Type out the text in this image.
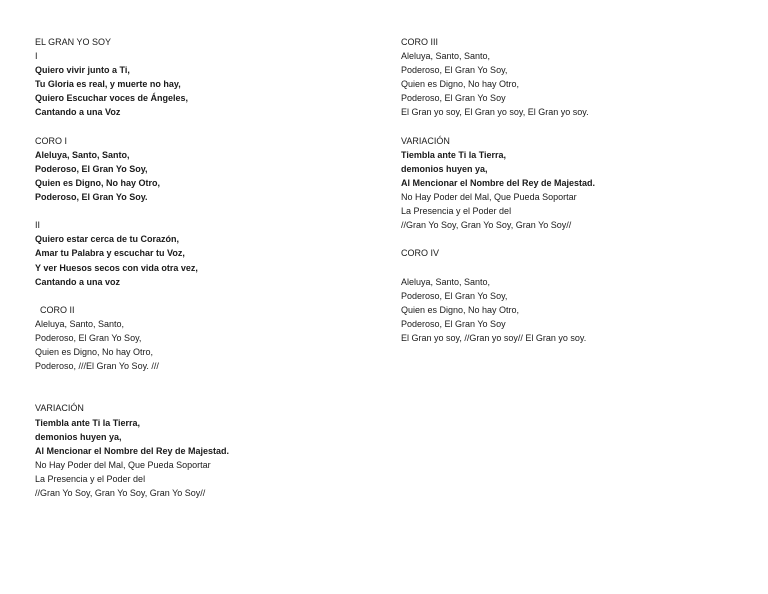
EL GRAN YO SOY
I
Quiero vivir junto a Ti,
Tu Gloria es real, y muerte no hay,
Quiero Escuchar voces de Ángeles,
Cantando a una Voz
CORO I
Aleluya, Santo, Santo,
Poderoso, El Gran Yo Soy,
Quien es Digno, No hay Otro,
Poderoso, El Gran Yo Soy.
II
Quiero estar cerca de tu Corazón,
Amar tu Palabra y escuchar tu Voz,
Y ver Huesos secos con vida otra vez,
Cantando a una voz
CORO II
Aleluya, Santo, Santo,
Poderoso, El Gran Yo Soy,
Quien es Digno, No hay Otro,
Poderoso, ///El Gran Yo Soy. ///
VARIACIÓN
Tiembla ante Ti la Tierra,
demonios huyen ya,
Al Mencionar el Nombre del Rey de Majestad.
No Hay Poder del Mal, Que Pueda Soportar
La Presencia y el Poder del
//Gran Yo Soy, Gran Yo Soy, Gran Yo Soy//
CORO III
Aleluya, Santo, Santo,
Poderoso, El Gran Yo Soy,
Quien es Digno, No hay Otro,
Poderoso, El Gran Yo Soy
El Gran yo soy, El Gran yo soy, El Gran yo soy.
VARIACIÓN
Tiembla ante Ti la Tierra,
demonios huyen ya,
Al Mencionar el Nombre del Rey de Majestad.
No Hay Poder del Mal, Que Pueda Soportar
La Presencia y el Poder del
//Gran Yo Soy, Gran Yo Soy, Gran Yo Soy//
CORO IV
Aleluya, Santo, Santo,
Poderoso, El Gran Yo Soy,
Quien es Digno, No hay Otro,
Poderoso, El Gran Yo Soy
El Gran yo soy, //Gran yo soy// El Gran yo soy.
